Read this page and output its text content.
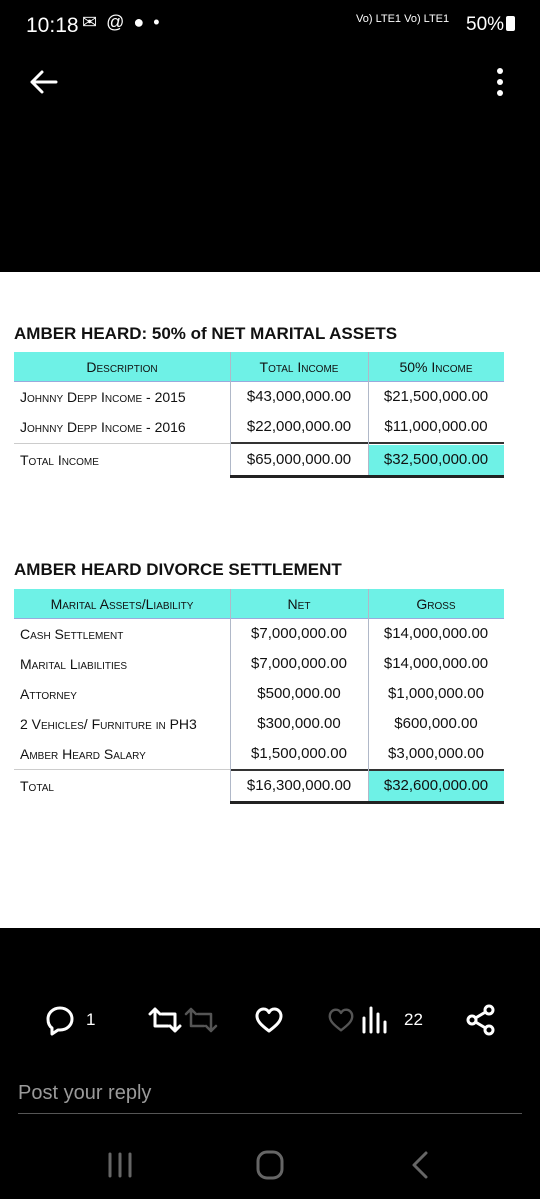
10:18 ✉ @ ● •	Vo) LTE1 Vo) LTE1 50%
AMBER HEARD: 50% of NET MARITAL ASSETS
Description	Total Income	50% Income
Johnny Depp Income - 2015	$43,000,000.00	$21,500,000.00
Johnny Depp Income - 2016	$22,000,000.00	$11,000,000.00
Total Income	$65,000,000.00	$32,500,000.00
AMBER HEARD DIVORCE SETTLEMENT
Marital Assets/Liability	Net	Gross
Cash Settlement	$7,000,000.00	$14,000,000.00
Marital Liabilities	$7,000,000.00	$14,000,000.00
Attorney	$500,000.00	$1,000,000.00
2 Vehicles/ Furniture in PH3	$300,000.00	$600,000.00
Amber Heard Salary	$1,500,000.00	$3,000,000.00
Total	$16,300,000.00	$32,600,000.00
1	22
Post your reply
